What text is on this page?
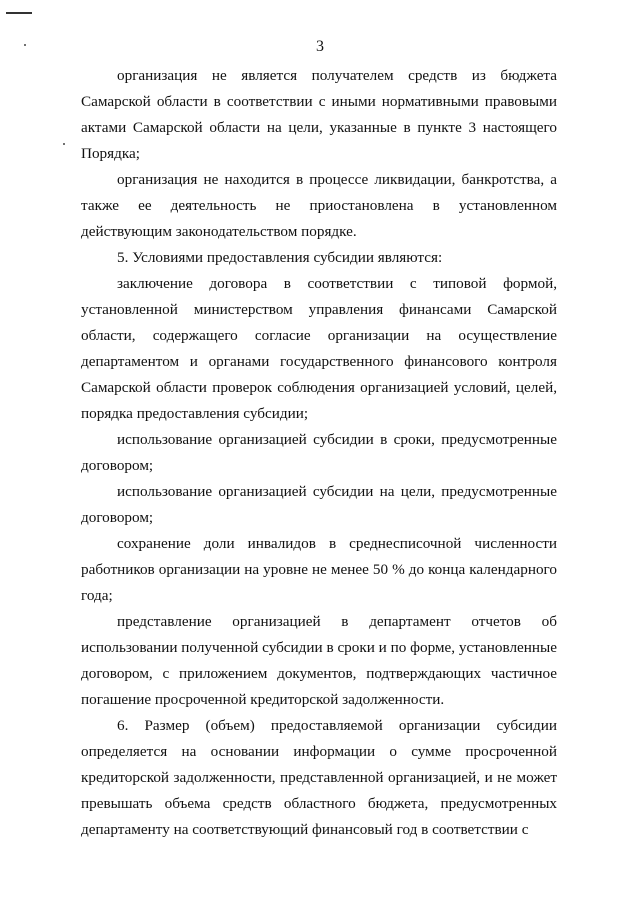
3

организация не является получателем средств из бюджета Самарской области в соответствии с иными нормативными правовыми актами Самарской области на цели, указанные в пункте 3 настоящего Порядка;

организация не находится в процессе ликвидации, банкротства, а также ее деятельность не приостановлена в установленном действующим законодательством порядке.

5. Условиями предоставления субсидии являются:

заключение договора в соответствии с типовой формой, установленной министерством управления финансами Самарской области, содержащего согласие организации на осуществление департаментом и органами государственного финансового контроля Самарской области проверок соблюдения организацией условий, целей, порядка предоставления субсидии;

использование организацией субсидии в сроки, предусмотренные договором;

использование организацией субсидии на цели, предусмотренные договором;

сохранение доли инвалидов в среднесписочной численности работников организации на уровне не менее 50 % до конца календарного года;

представление организацией в департамент отчетов об использовании полученной субсидии в сроки и по форме, установленные договором, с приложением документов, подтверждающих частичное погашение просроченной кредиторской задолженности.

6. Размер (объем) предоставляемой организации субсидии определяется на основании информации о сумме просроченной кредиторской задолженности, представленной организацией, и не может превышать объема средств областного бюджета, предусмотренных департаменту на соответствующий финансовый год в соответствии с
